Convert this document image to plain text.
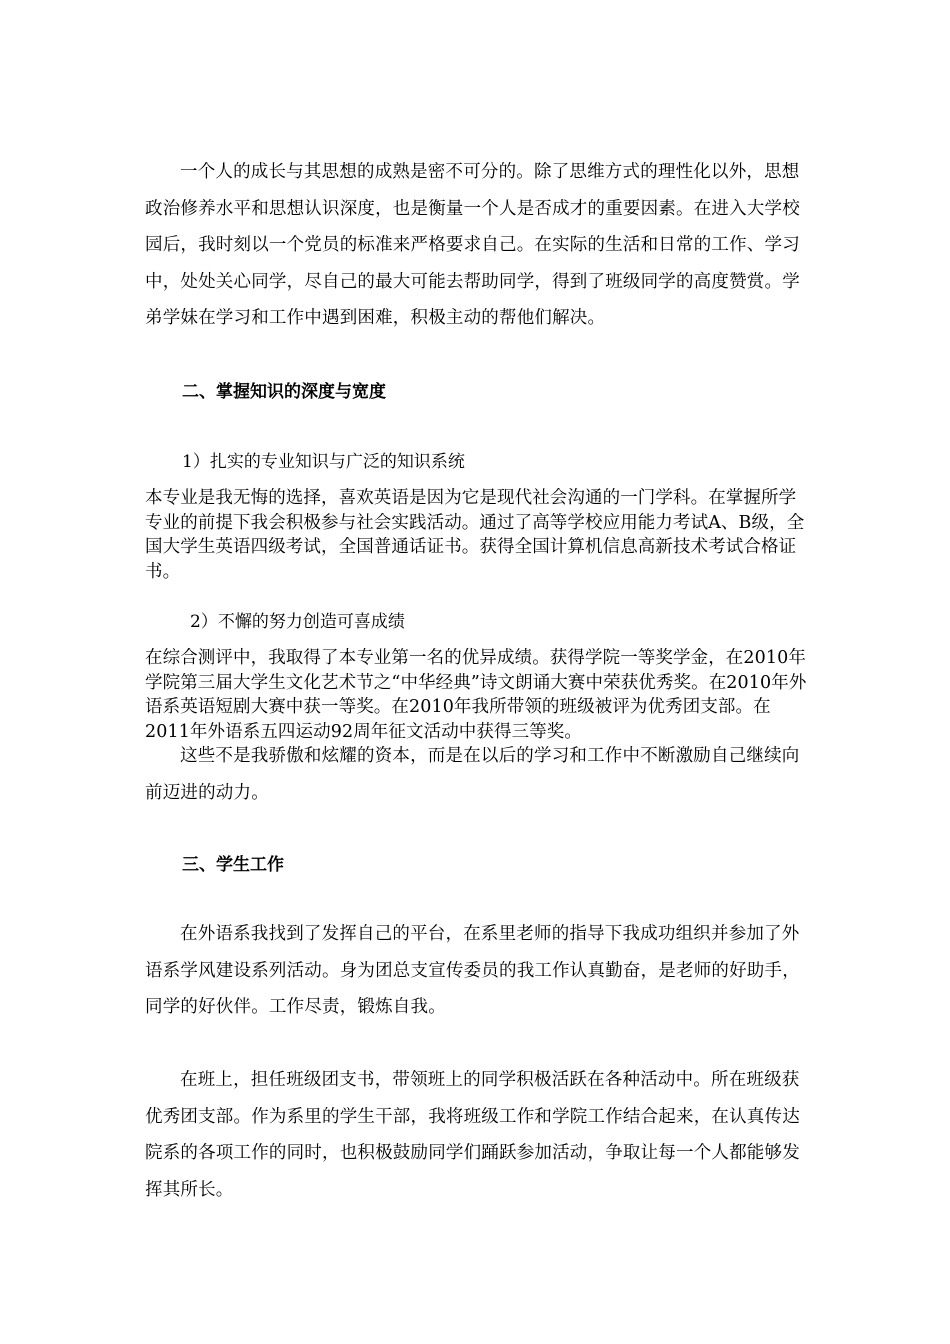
一个人的成长与其思想的成熟是密不可分的。除了思维方式的理性化以外，思想政治修养水平和思想认识深度，也是衡量一个人是否成才的重要因素。在进入大学校园后，我时刻以一个党员的标准来严格要求自己。在实际的生活和日常的工作、学习中，处处关心同学，尽自己的最大可能去帮助同学，得到了班级同学的高度赞赏。学弟学妹在学习和工作中遇到困难，积极主动的帮他们解决。

二、掌握知识的深度与宽度

1）扎实的专业知识与广泛的知识系统

本专业是我无悔的选择，喜欢英语是因为它是现代社会沟通的一门学科。在掌握所学专业的前提下我会积极参与社会实践活动。通过了高等学校应用能力考试A、B级，全国大学生英语四级考试，全国普通话证书。获得全国计算机信息高新技术考试合格证书。

2）不懈的努力创造可喜成绩

在综合测评中，我取得了本专业第一名的优异成绩。获得学院一等奖学金，在2010年学院第三届大学生文化艺术节之“中华经典”诗文朗诵大赛中荣获优秀奖。在2010年外语系英语短剧大赛中获一等奖。在2010年我所带领的班级被评为优秀团支部。在2011年外语系五四运动92周年征文活动中获得三等奖。

这些不是我骄傲和炫耀的资本，而是在以后的学习和工作中不断激励自己继续向前迈进的动力。

三、学生工作

在外语系我找到了发挥自己的平台，在系里老师的指导下我成功组织并参加了外语系学风建设系列活动。身为团总支宣传委员的我工作认真勤奋，是老师的好助手，同学的好伙伴。工作尽责，锻炼自我。

在班上，担任班级团支书，带领班上的同学积极活跃在各种活动中。所在班级获优秀团支部。作为系里的学生干部，我将班级工作和学院工作结合起来，在认真传达院系的各项工作的同时，也积极鼓励同学们踊跃参加活动，争取让每一个人都能够发挥其所长。
